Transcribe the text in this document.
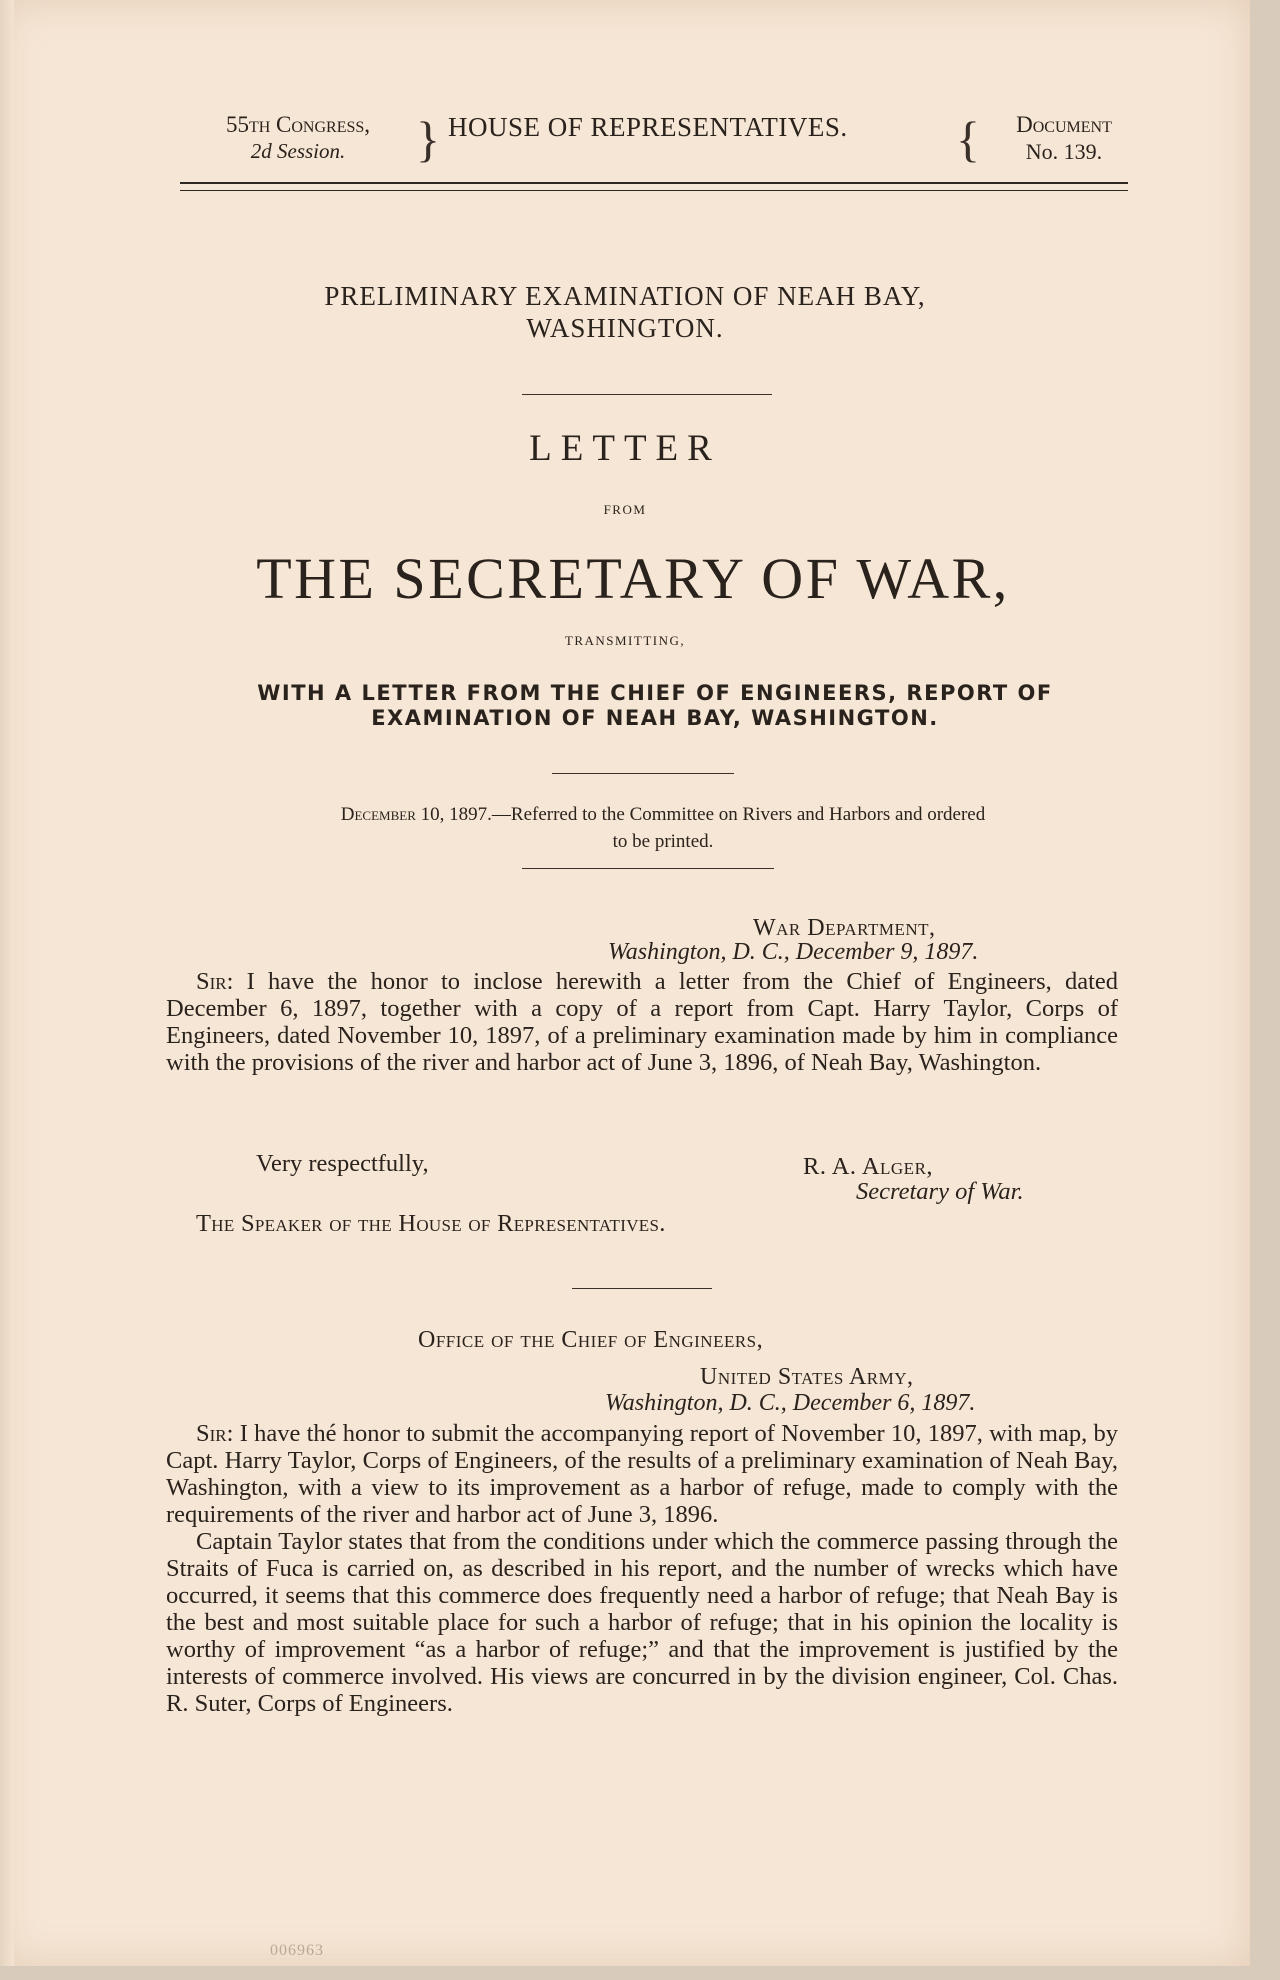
55th Congress,
2d Session.	} HOUSE OF REPRESENTATIVES. {	Document
No. 139.
PRELIMINARY EXAMINATION OF NEAH BAY,
WASHINGTON.
LETTER
FROM
THE SECRETARY OF WAR,
TRANSMITTING,
WITH A LETTER FROM THE CHIEF OF ENGINEERS, REPORT OF
EXAMINATION OF NEAH BAY, WASHINGTON.
December 10, 1897.—Referred to the Committee on Rivers and Harbors and ordered
to be printed.
War Department,
Washington, D. C., December 9, 1897.

Sir: I have the honor to inclose herewith a letter from the Chief of Engineers, dated December 6, 1897, together with a copy of a report from Capt. Harry Taylor, Corps of Engineers, dated November 10, 1897, of a preliminary examination made by him in compliance with the provisions of the river and harbor act of June 3, 1896, of Neah Bay, Washington.

Very respectfully,	R. A. Alger,
Secretary of War.
The Speaker of the House of Representatives.
Office of the Chief of Engineers,
United States Army,
Washington, D. C., December 6, 1897.

Sir: I have thé honor to submit the accompanying report of November 10, 1897, with map, by Capt. Harry Taylor, Corps of Engineers, of the results of a preliminary examination of Neah Bay, Washington, with a view to its improvement as a harbor of refuge, made to comply with the requirements of the river and harbor act of June 3, 1896.

Captain Taylor states that from the conditions under which the commerce passing through the Straits of Fuca is carried on, as described in his report, and the number of wrecks which have occurred, it seems that this commerce does frequently need a harbor of refuge; that Neah Bay is the best and most suitable place for such a harbor of refuge; that in his opinion the locality is worthy of improvement “as a harbor of refuge;” and that the improvement is justified by the interests of commerce involved. His views are concurred in by the division engineer, Col. Chas. R. Suter, Corps of Engineers.

006963
